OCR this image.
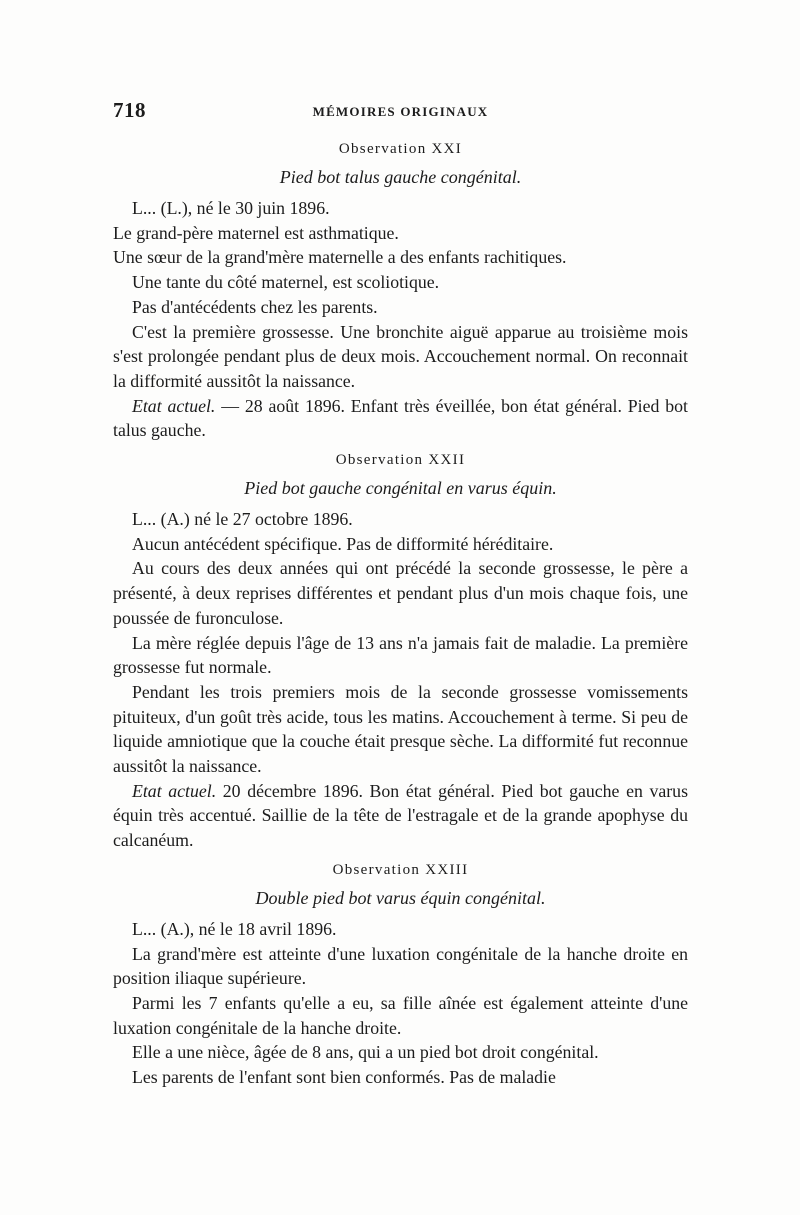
718	MÉMOIRES ORIGINAUX
Observation XXI
Pied bot talus gauche congénital.

L... (L.), né le 30 juin 1896.

Le grand-père maternel est asthmatique.

Une sœur de la grand'mère maternelle a des enfants rachitiques.

Une tante du côté maternel, est scoliotique.

Pas d'antécédents chez les parents.

C'est la première grossesse. Une bronchite aiguë apparue au troisième mois s'est prolongée pendant plus de deux mois. Accouchement normal. On reconnait la difformité aussitôt la naissance.

Etat actuel. — 28 août 1896. Enfant très éveillée, bon état général. Pied bot talus gauche.

Observation XXII
Pied bot gauche congénital en varus équin.

L... (A.) né le 27 octobre 1896.

Aucun antécédent spécifique. Pas de difformité héréditaire.

Au cours des deux années qui ont précédé la seconde grossesse, le père a présenté, à deux reprises différentes et pendant plus d'un mois chaque fois, une poussée de furonculose.

La mère réglée depuis l'âge de 13 ans n'a jamais fait de maladie. La première grossesse fut normale.

Pendant les trois premiers mois de la seconde grossesse vomissements pituiteux, d'un goût très acide, tous les matins. Accouchement à terme. Si peu de liquide amniotique que la couche était presque sèche. La difformité fut reconnue aussitôt la naissance.

Etat actuel. 20 décembre 1896. Bon état général. Pied bot gauche en varus équin très accentué. Saillie de la tête de l'estragale et de la grande apophyse du calcanéum.

Observation XXIII
Double pied bot varus équin congénital.

L... (A.), né le 18 avril 1896.

La grand'mère est atteinte d'une luxation congénitale de la hanche droite en position iliaque supérieure.

Parmi les 7 enfants qu'elle a eu, sa fille aînée est également atteinte d'une luxation congénitale de la hanche droite.

Elle a une nièce, âgée de 8 ans, qui a un pied bot droit congénital.

Les parents de l'enfant sont bien conformés. Pas de maladie
